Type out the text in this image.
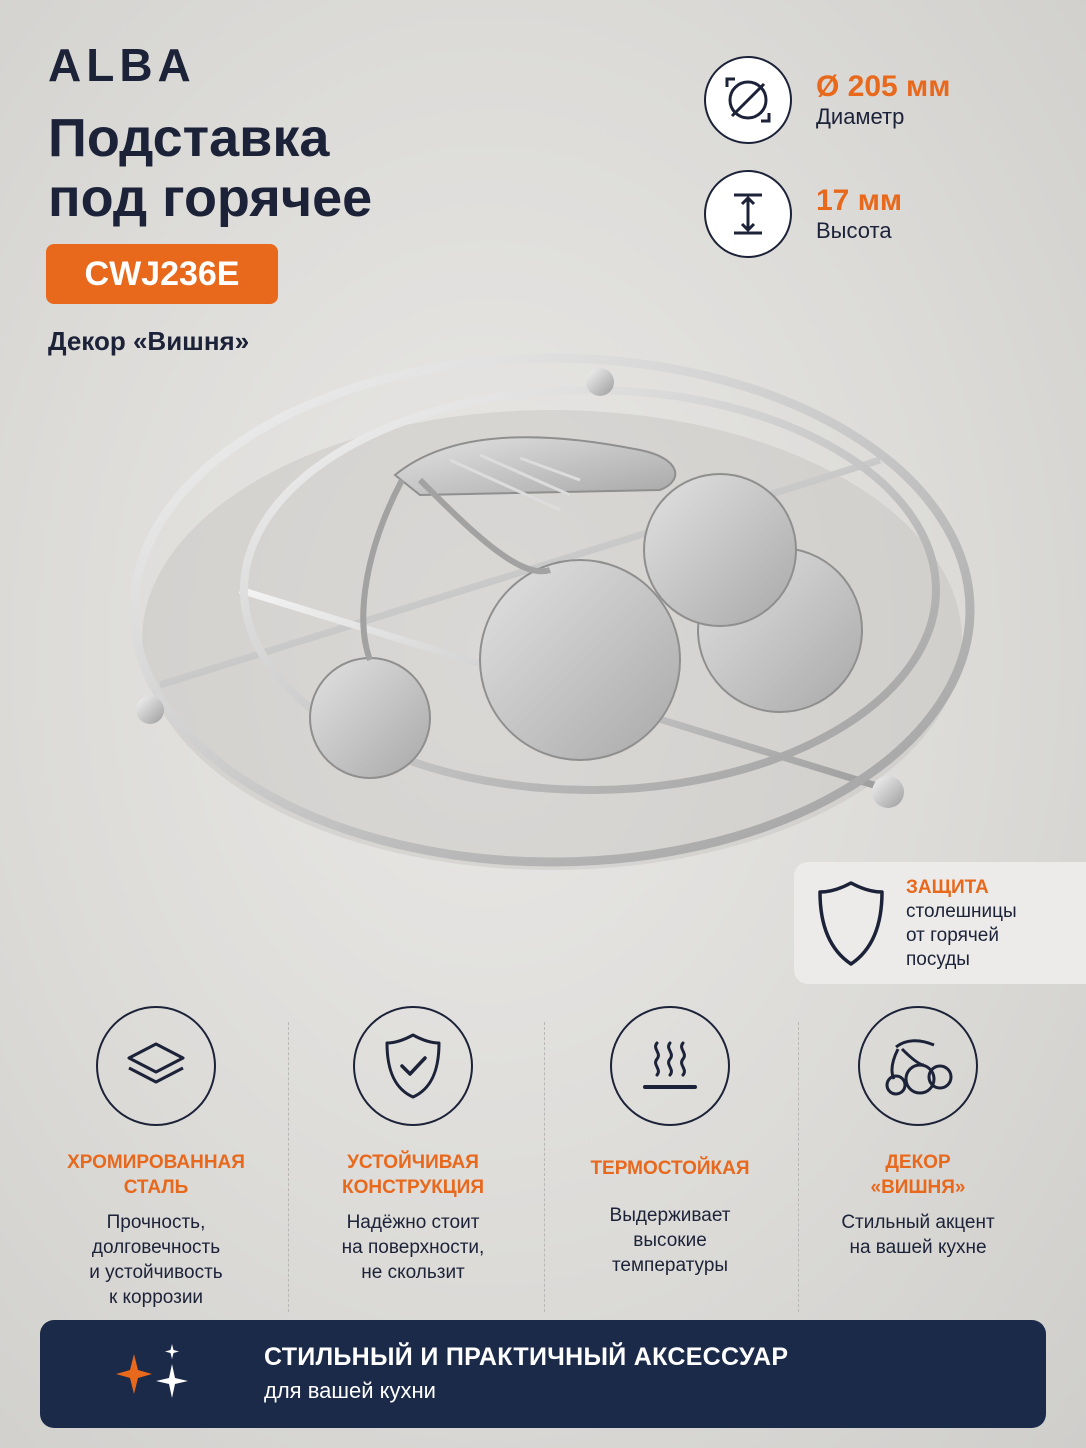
ALBA
Подставка
под горячее
CWJ236E
Декор «Вишня»
Ø 205 мм
Диаметр
17 мм
Высота
ЗАЩИТА
столешницы
от горячей
посуды
ХРОМИРОВАННАЯ
СТАЛЬ
Прочность,
долговечность
и устойчивость
к коррозии
УСТОЙЧИВАЯ
КОНСТРУКЦИЯ
Надёжно стоит
на поверхности,
не скользит
ТЕРМОСТОЙКАЯ
Выдерживает
высокие
температуры
ДЕКОР
«ВИШНЯ»
Стильный акцент
на вашей кухне
СТИЛЬНЫЙ И ПРАКТИЧНЫЙ АКСЕССУАР
для вашей кухни
